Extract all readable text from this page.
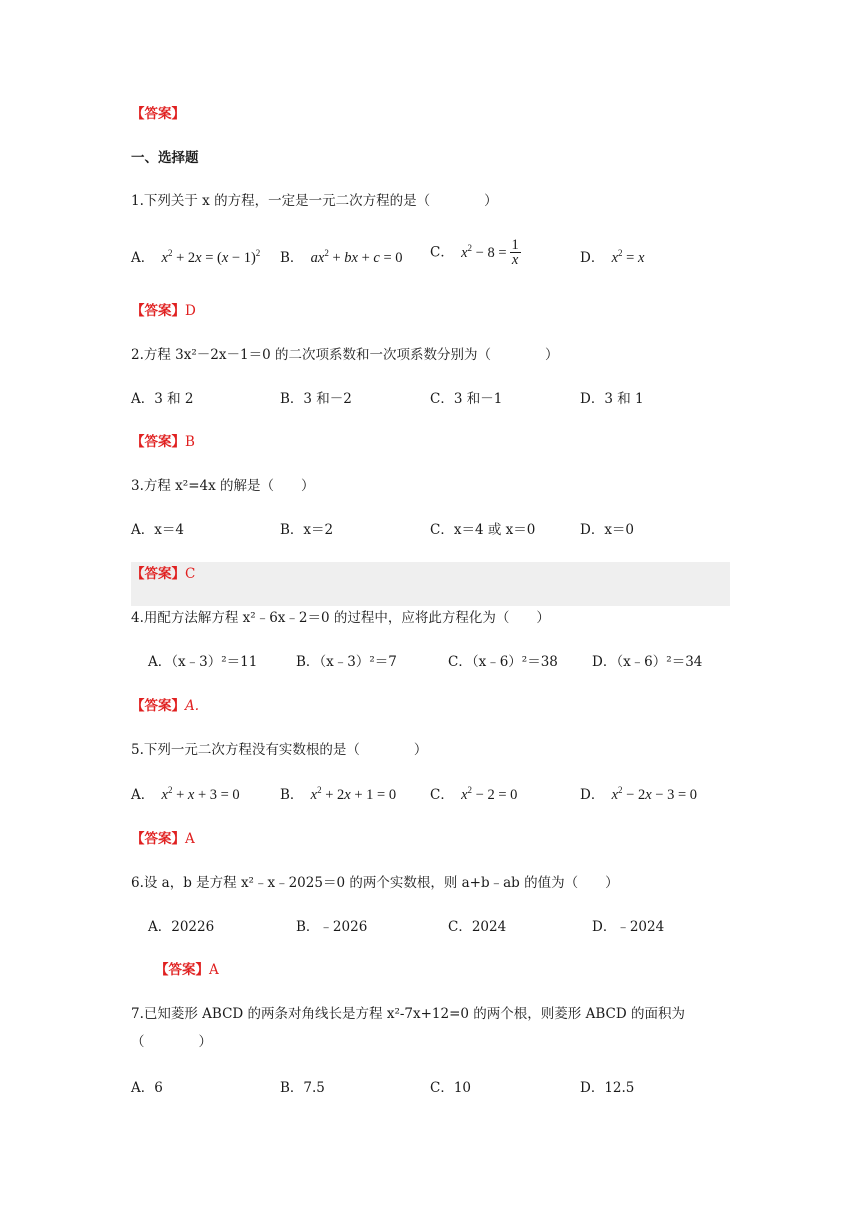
【答案】
一、选择题
1.下列关于 x 的方程，一定是一元二次方程的是（　　　　）
A． $x^2 + 2x = (x - 1)^2$ B． $ax^2$ + bx + c = 0 C． $x^2 - 8 = \frac{1}{x}$	D． $x^2 = x$
【答案】D
2.方程 3x²－2x－1＝0 的二次项系数和一次项系数分别为（　　　　）
A．3 和 2	B．3 和－2	C．3 和－1	D．3 和 1
【答案】B
3.方程 x²=4x 的解是（　　）
A．x＝4	B．x＝2	C．x＝4 或 x＝0	D．x＝0
【答案】C
4.用配方法解方程 x²﹣6x﹣2＝0 的过程中，应将此方程化为（　　）
A．（x﹣3）²＝11	B．（x﹣3）²＝7	C．（x﹣6）²＝38	D．（x﹣6）²＝34
【答案】A.
5.下列一元二次方程没有实数根的是（　　　　）
A． $x^2 + x + 3 = 0$	B． $x^2 + 2x + 1 = 0$	C． $x^2 - 2 = 0$	D． $x^2 - 2x - 3 = 0$
【答案】A
6.设 a，b 是方程 x²﹣x﹣2025＝0 的两个实数根，则 a+b﹣ab 的值为（　　）
A．20226	B．﹣2026	C．2024	D．﹣2024
【答案】A
7.已知菱形 ABCD 的两条对角线长是方程 x²-7x+12=0 的两个根，则菱形 ABCD 的面积为
（　　　　）
A．6	B．7.5	C．10	D．12.5
